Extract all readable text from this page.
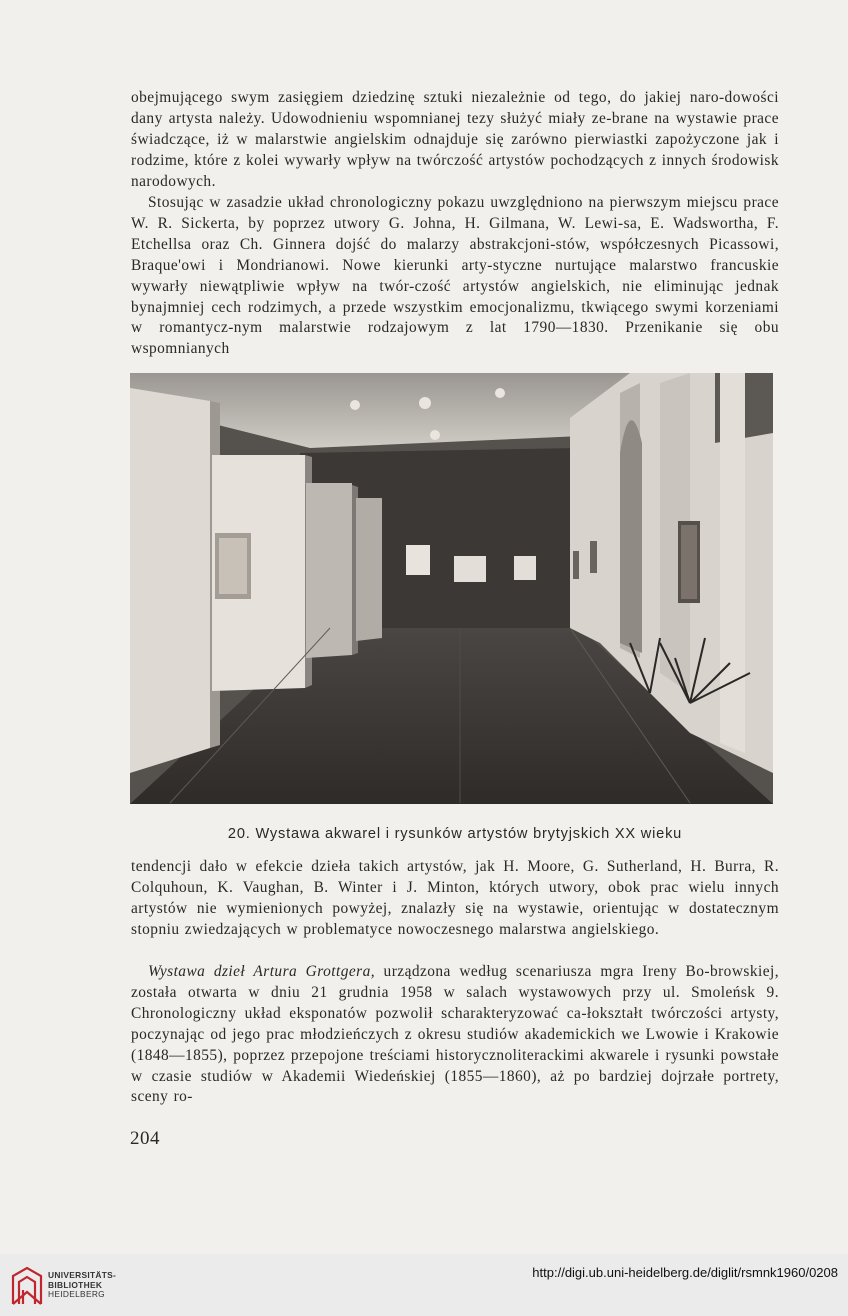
obejmującego swym zasięgiem dziedzinę sztuki niezależnie od tego, do jakiej naro-dowości dany artysta należy. Udowodnieniu wspomnianej tezy służyć miały ze-brane na wystawie prace świadczące, iż w malarstwie angielskim odnajduje się zarówno pierwiastki zapożyczone jak i rodzime, które z kolei wywarły wpływ na twórczość artystów pochodzących z innych środowisk narodowych.

Stosując w zasadzie układ chronologiczny pokazu uwzględniono na pierwszym miejscu prace W. R. Sickerta, by poprzez utwory G. Johna, H. Gilmana, W. Lewi-sa, E. Wadswortha, F. Etchellsa oraz Ch. Ginnera dojść do malarzy abstrakcjoni-stów, współczesnych Picassowi, Braque'owi i Mondrianowi. Nowe kierunki arty-styczne nurtujące malarstwo francuskie wywarły niewątpliwie wpływ na twór-czość artystów angielskich, nie eliminując jednak bynajmniej cech rodzimych, a przede wszystkim emocjonalizmu, tkwiącego swymi korzeniami w romantycz-nym malarstwie rodzajowym z lat 1790—1830. Przenikanie się obu wspomnianych

20. Wystawa akwarel i rysunków artystów brytyjskich XX wieku

tendencji dało w efekcie dzieła takich artystów, jak H. Moore, G. Sutherland, H. Burra, R. Colquhoun, K. Vaughan, B. Winter i J. Minton, których utwory, obok prac wielu innych artystów nie wymienionych powyżej, znalazły się na wystawie, orientując w dostatecznym stopniu zwiedzających w problematyce nowoczesnego malarstwa angielskiego.

Wystawa dzieł Artura Grottgera, urządzona według scenariusza mgra Ireny Bo-browskiej, została otwarta w dniu 21 grudnia 1958 w salach wystawowych przy ul. Smoleńsk 9. Chronologiczny układ eksponatów pozwolił scharakteryzować ca-łokształt twórczości artysty, poczynając od jego prac młodzieńczych z okresu studiów akademickich we Lwowie i Krakowie (1848—1855), poprzez przepojone treściami historycznoliterackimi akwarele i rysunki powstałe w czasie studiów w Akademii Wiedeńskiej (1855—1860), aż po bardziej dojrzałe portrety, sceny ro-

204
UNIVERSITÄTS-
BIBLIOTHEK
HEIDELBERG
http://digi.ub.uni-heidelberg.de/diglit/rsmnk1960/0208
